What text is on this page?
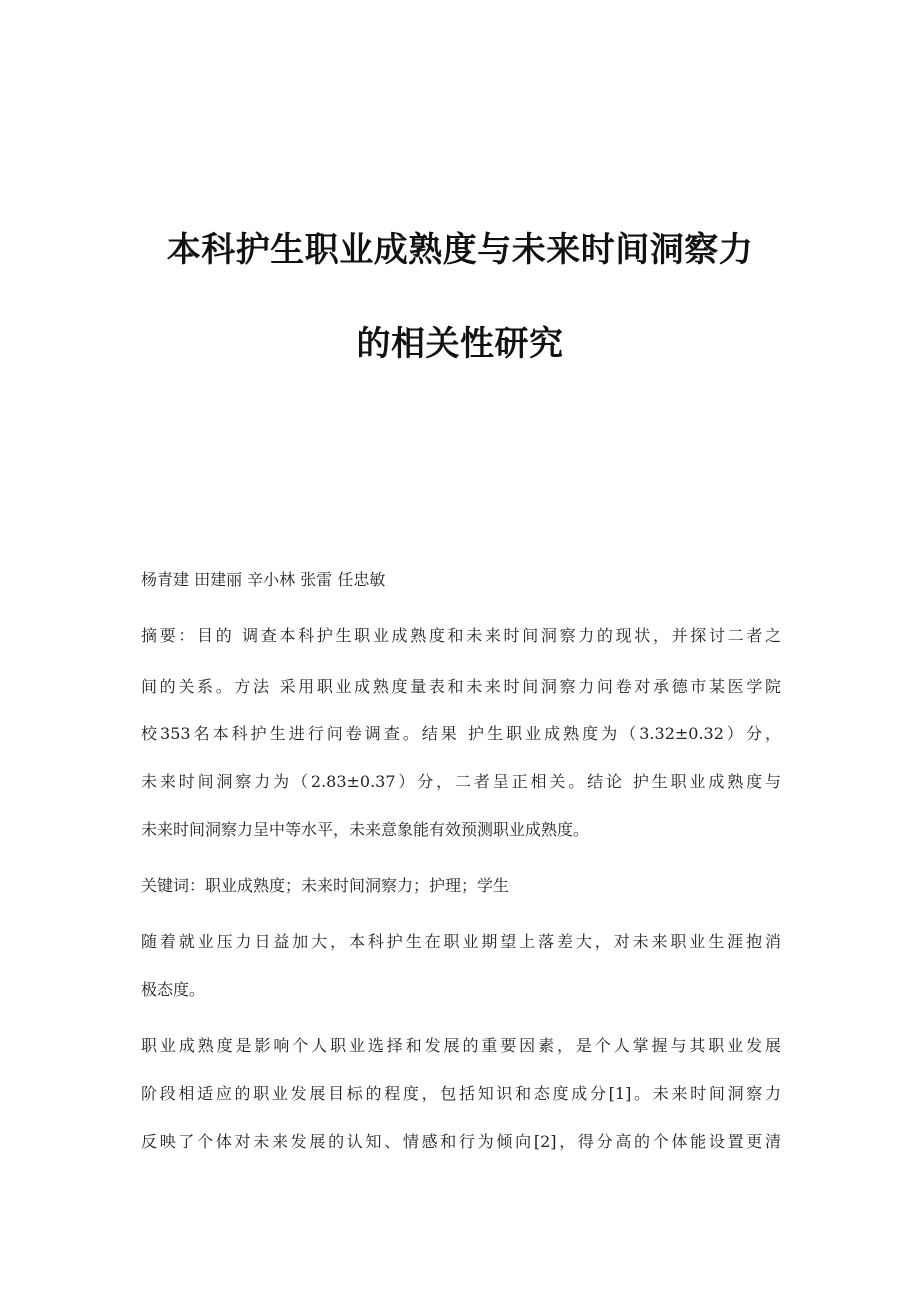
本科护生职业成熟度与未来时间洞察力
的相关性研究
杨青建 田建丽 辛小林 张雷 任忠敏
摘要：目的 调查本科护生职业成熟度和未来时间洞察力的现状，并探讨二者之
间的关系。方法 采用职业成熟度量表和未来时间洞察力问卷对承德市某医学院
校353名本科护生进行问卷调查。结果 护生职业成熟度为（3.32±0.32）分，
未来时间洞察力为（2.83±0.37）分，二者呈正相关。结论 护生职业成熟度与
未来时间洞察力呈中等水平，未来意象能有效预测职业成熟度。
关键词：职业成熟度；未来时间洞察力；护理；学生
随着就业压力日益加大，本科护生在职业期望上落差大，对未来职业生涯抱消
极态度。
职业成熟度是影响个人职业选择和发展的重要因素，是个人掌握与其职业发展
阶段相适应的职业发展目标的程度，包括知识和态度成分[1]。未来时间洞察力
反映了个体对未来发展的认知、情感和行为倾向[2]，得分高的个体能设置更清
